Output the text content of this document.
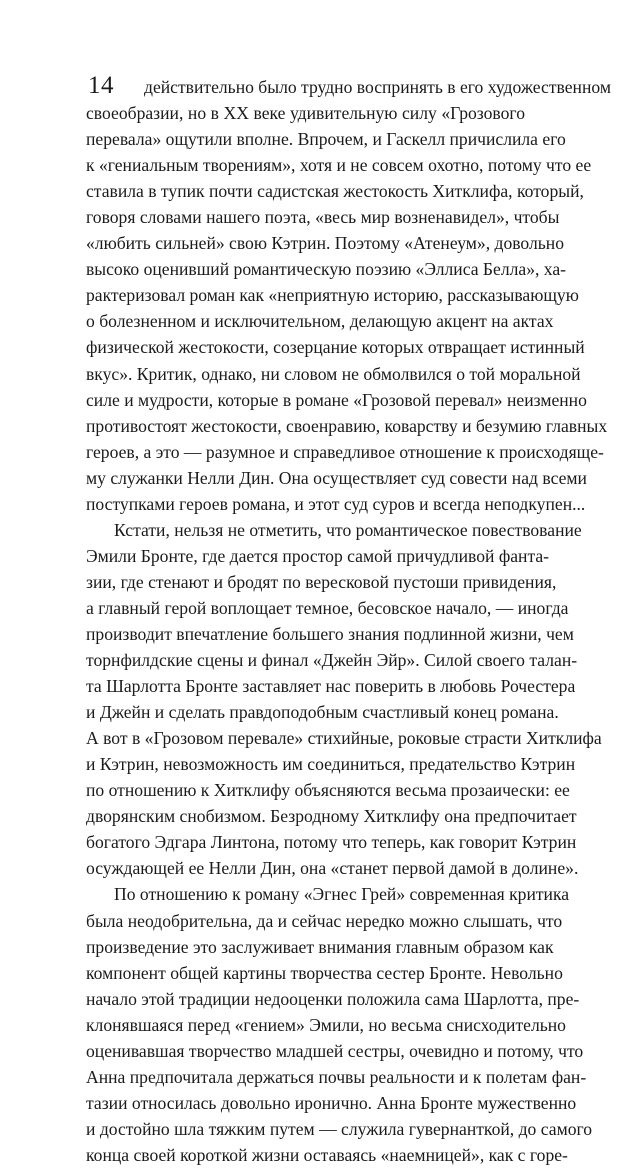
14	действительно было трудно воспринять в его художественном
своеобразии, но в XX веке удивительную силу «Грозового
перевала» ощутили вполне. Впрочем, и Гаскелл причислила его
к «гениальным творениям», хотя и не совсем охотно, потому что ее
ставила в тупик почти садистская жестокость Хитклифа, который,
говоря словами нашего поэта, «весь мир возненавидел», чтобы
«любить сильней» свою Кэтрин. Поэтому «Атенеум», довольно
высоко оценивший романтическую поэзию «Эллиса Белла», ха-
рактеризовал роман как «неприятную историю, рассказывающую
о болезненном и исключительном, делающую акцент на актах
физической жестокости, созерцание которых отвращает истинный
вкус». Критик, однако, ни словом не обмолвился о той моральной
силе и мудрости, которые в романе «Грозовой перевал» неизменно
противостоят жестокости, своенравию, коварству и безумию главных
героев, а это — разумное и справедливое отношение к происходяще-
му служанки Нелли Дин. Она осуществляет суд совести над всеми
поступками героев романа, и этот суд суров и всегда неподкупен...
Кстати, нельзя не отметить, что романтическое повествование
Эмили Бронте, где дается простор самой причудливой фанта-
зии, где стенают и бродят по вересковой пустоши привидения,
а главный герой воплощает темное, бесовское начало, — иногда
производит впечатление большего знания подлинной жизни, чем
торнфилдские сцены и финал «Джейн Эйр». Силой своего талан-
та Шарлотта Бронте заставляет нас поверить в любовь Рочестера
и Джейн и сделать правдоподобным счастливый конец романа.
А вот в «Грозовом перевале» стихийные, роковые страсти Хитклифа
и Кэтрин, невозможность им соединиться, предательство Кэтрин
по отношению к Хитклифу объясняются весьма прозаически: ее
дворянским снобизмом. Безродному Хитклифу она предпочитает
богатого Эдгара Линтона, потому что теперь, как говорит Кэтрин
осуждающей ее Нелли Дин, она «станет первой дамой в долине».
По отношению к роману «Эгнес Грей» современная критика
была неодобрительна, да и сейчас нередко можно слышать, что
произведение это заслуживает внимания главным образом как
компонент общей картины творчества сестер Бронте. Невольно
начало этой традиции недооценки положила сама Шарлотта, пре-
клонявшаяся перед «гением» Эмили, но весьма снисходительно
оценивавшая творчество младшей сестры, очевидно и потому, что
Анна предпочитала держаться почвы реальности и к полетам фан-
тазии относилась довольно иронично. Анна Бронте мужественно
и достойно шла тяжким путем — служила гувернанткой, до самого
конца своей короткой жизни оставаясь «наемницей», как с горе-
